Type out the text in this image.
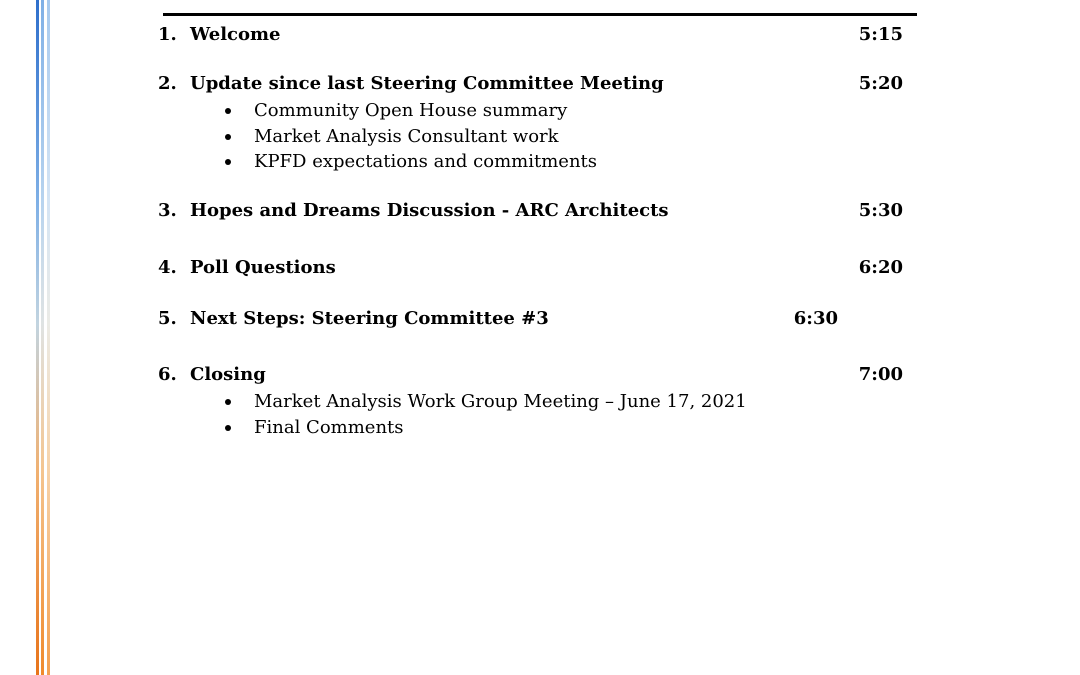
1. Welcome	5:15
2. Update since last Steering Committee Meeting	5:20
Community Open House summary
Market Analysis Consultant work
KPFD expectations and commitments
3. Hopes and Dreams Discussion - ARC Architects	5:30
4. Poll Questions	6:20
5. Next Steps: Steering Committee #3	6:30
6. Closing	7:00
Market Analysis Work Group Meeting – June 17, 2021
Final Comments
